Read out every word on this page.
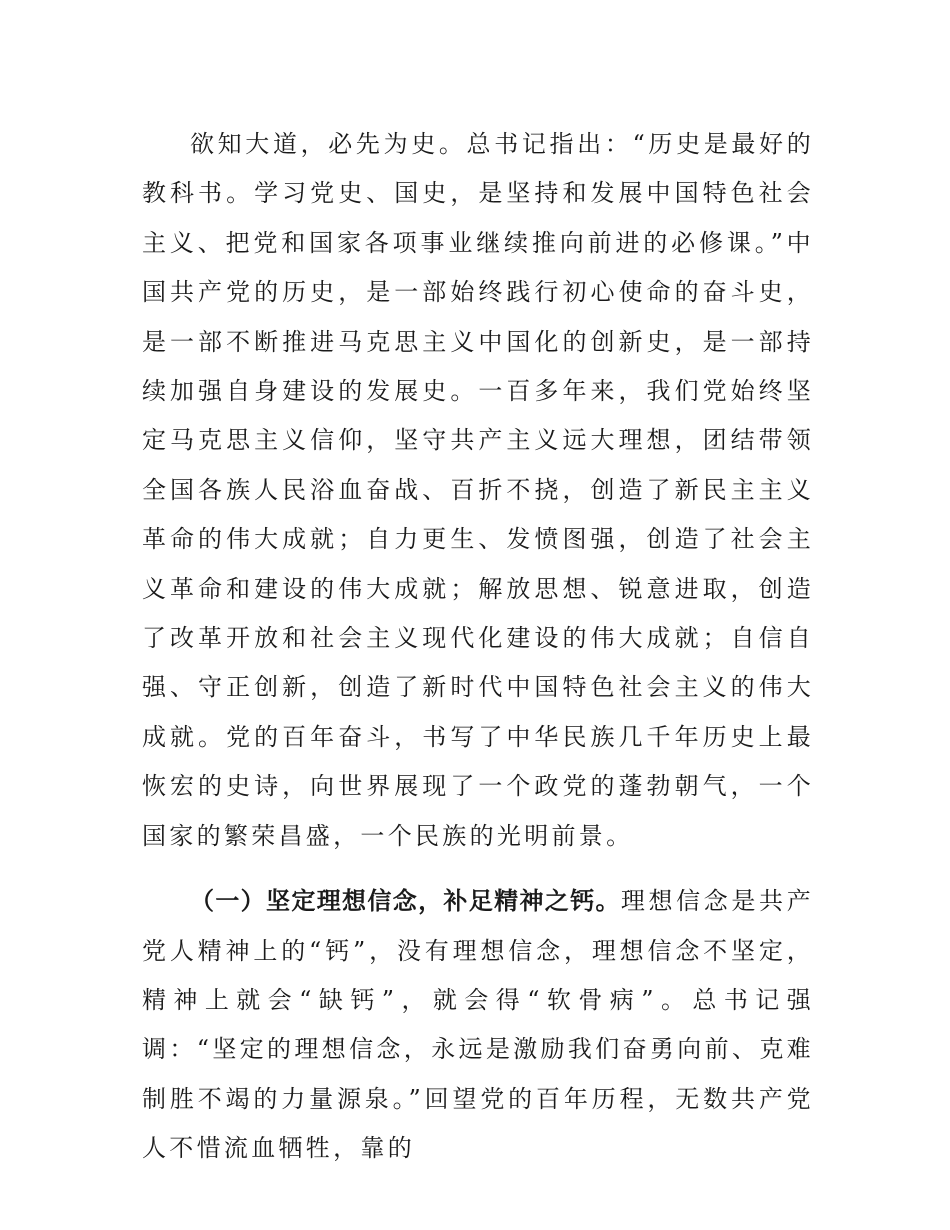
欲知大道，必先为史。总书记指出：“历史是最好的教科书。学习党史、国史，是坚持和发展中国特色社会主义、把党和国家各项事业继续推向前进的必修课。”中国共产党的历史，是一部始终践行初心使命的奋斗史，是一部不断推进马克思主义中国化的创新史，是一部持续加强自身建设的发展史。一百多年来，我们党始终坚定马克思主义信仰，坚守共产主义远大理想，团结带领全国各族人民浴血奋战、百折不挠，创造了新民主主义革命的伟大成就；自力更生、发愤图强，创造了社会主义革命和建设的伟大成就；解放思想、锐意进取，创造了改革开放和社会主义现代化建设的伟大成就；自信自强、守正创新，创造了新时代中国特色社会主义的伟大成就。党的百年奋斗，书写了中华民族几千年历史上最恢宏的史诗，向世界展现了一个政党的蓬勃朝气，一个国家的繁荣昌盛，一个民族的光明前景。

（一）坚定理想信念，补足精神之钙。理想信念是共产党人精神上的“钙”，没有理想信念，理想信念不坚定，精神上就会“缺钙”，就会得“软骨病”。总书记强调：“坚定的理想信念，永远是激励我们奋勇向前、克难制胜不竭的力量源泉。”回望党的百年历程，无数共产党人不惜流血牺牲，靠的
